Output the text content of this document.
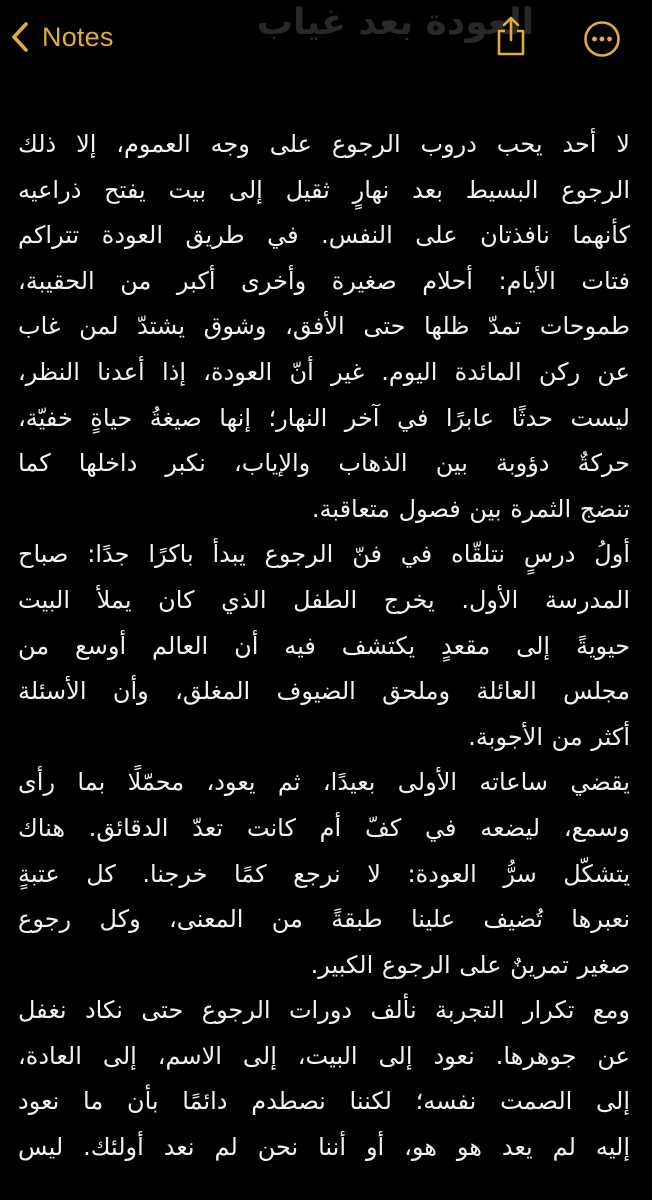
Notes	العودة بعد غياب
لا أحد يحب دروب الرجوع على وجه العموم، إلا ذلك
الرجوع البسيط بعد نهارٍ ثقيل إلى بيت يفتح ذراعيه
كأنهما نافذتان على النفس. في طريق العودة تتراكم
فتات الأيام: أحلام صغيرة وأخرى أكبر من الحقيبة،
طموحات تمدّ ظلها حتى الأفق، وشوق يشتدّ لمن غاب
عن ركن المائدة اليوم. غير أنّ العودة، إذا أعدنا النظر،
ليست حدثًا عابرًا في آخر النهار؛ إنها صيغةُ حياةٍ خفيّة،
حركةٌ دؤوبة بين الذهاب والإياب، نكبر داخلها كما
تنضج الثمرة بين فصول متعاقبة.
أولُ درسٍ نتلقّاه في فنّ الرجوع يبدأ باكرًا جدًا: صباح
المدرسة الأول. يخرج الطفل الذي كان يملأ البيت
حيويةً إلى مقعدٍ يكتشف فيه أن العالم أوسع من
مجلس العائلة وملحق الضيوف المغلق، وأن الأسئلة
أكثر من الأجوبة.
يقضي ساعاته الأولى بعيدًا، ثم يعود، محمّلًا بما رأى
وسمع، ليضعه في كفّ أم كانت تعدّ الدقائق. هناك
يتشكّل سرُّ العودة: لا نرجع كمًا خرجنا. كل عتبةٍ
نعبرها تُضيف علينا طبقةً من المعنى، وكل رجوع
صغير تمرينٌ على الرجوع الكبير.
ومع تكرار التجربة نألف دورات الرجوع حتى نكاد نغفل
عن جوهرها. نعود إلى البيت، إلى الاسم، إلى العادة،
إلى الصمت نفسه؛ لكننا نصطدم دائمًا بأن ما نعود
إليه لم يعد هو هو، أو أننا نحن لم نعد أولئك. ليس
